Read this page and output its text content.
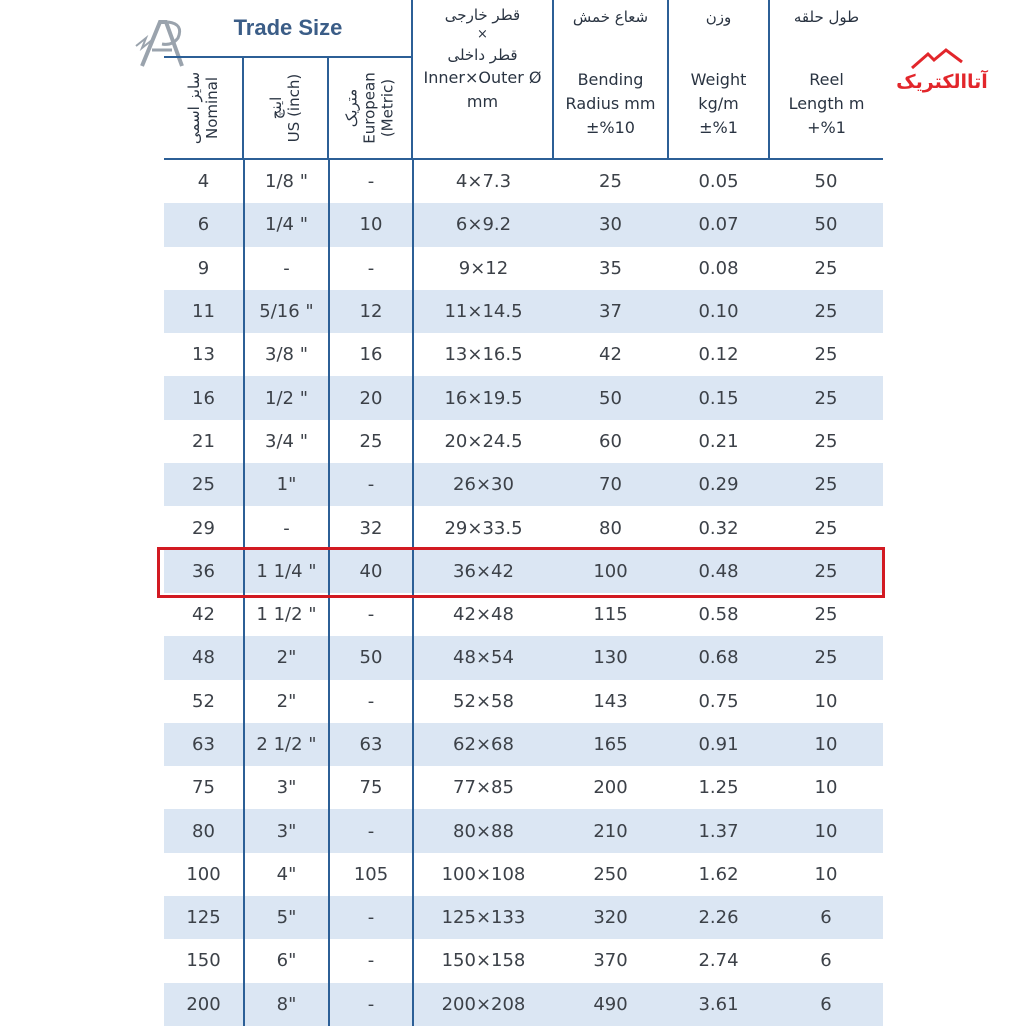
آتاالکتریک
Trade Size
سایز اسمی Nominal	اینچ US (inch)	متریک European (Metric)
قطر خارجی
×
قطر داخلی
Inner×Outer Ø
mm
شعاع خمش
Bending
Radius mm
±%10
وزن
Weight
kg/m
±%1
طول حلقه
Reel
Length m
+%1
4	1/8 "	-	4×7.3	25	0.05	50
6	1/4 "	10	6×9.2	30	0.07	50
9	-	-	9×12	35	0.08	25
11	5/16 "	12	11×14.5	37	0.10	25
13	3/8 "	16	13×16.5	42	0.12	25
16	1/2 "	20	16×19.5	50	0.15	25
21	3/4 "	25	20×24.5	60	0.21	25
25	1"	-	26×30	70	0.29	25
29	-	32	29×33.5	80	0.32	25
36	1 1/4 "	40	36×42	100	0.48	25
42	1 1/2 "	-	42×48	115	0.58	25
48	2"	50	48×54	130	0.68	25
52	2"	-	52×58	143	0.75	10
63	2 1/2 "	63	62×68	165	0.91	10
75	3"	75	77×85	200	1.25	10
80	3"	-	80×88	210	1.37	10
100	4"	105	100×108	250	1.62	10
125	5"	-	125×133	320	2.26	6
150	6"	-	150×158	370	2.74	6
200	8"	-	200×208	490	3.61	6
